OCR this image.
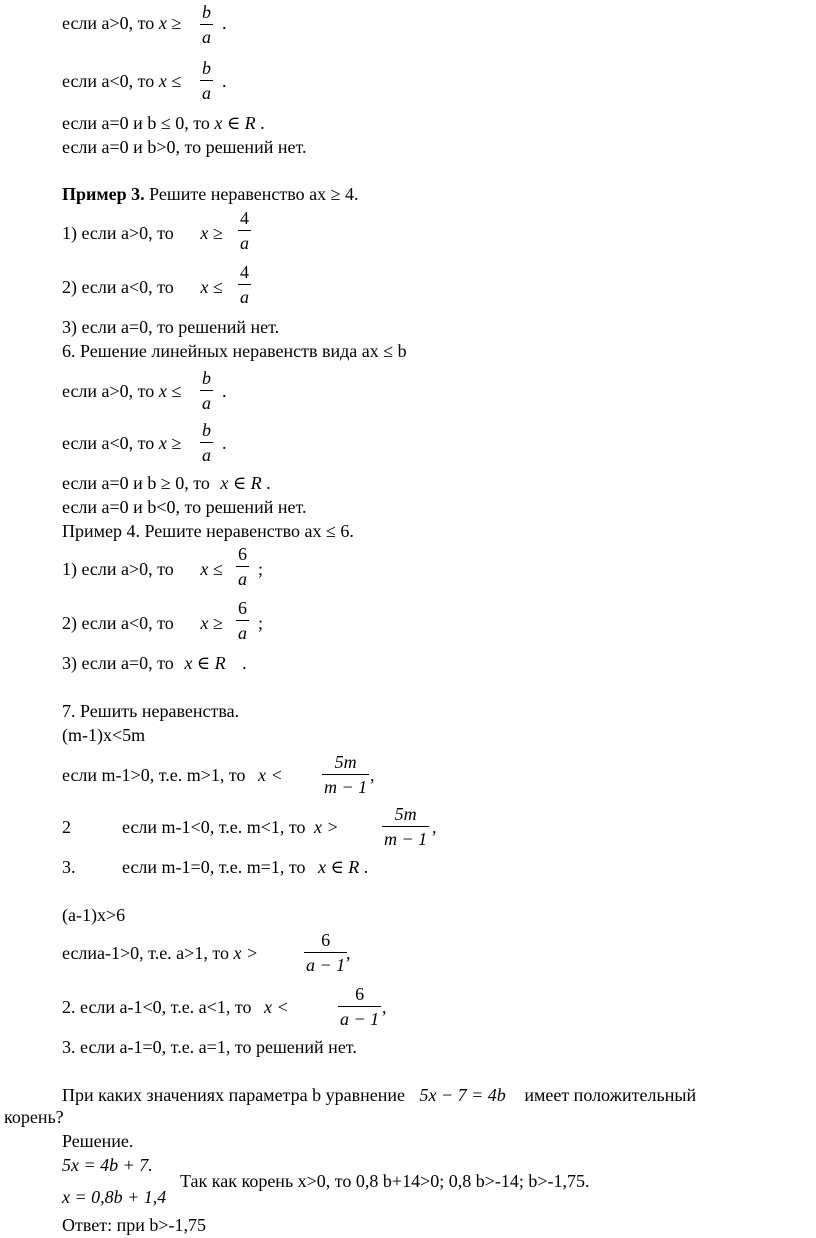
если a>0, то x ≥
b
a
.
если a<0, то x ≤
b
a
.
если a=0 и b ≤ 0, то x ∈ R .
если a=0 и b>0, то решений нет.
Пример 3. Решите неравенство ax ≥ 4.
1) если a>0, то x ≥
4
a
2) если a<0, то x ≤
4
a
3) если a=0, то решений нет.
6. Решение линейных неравенств вида ax ≤ b
если a>0, то x ≤
b
a
.
если a<0, то x ≥
b
a
.
если a=0 и b ≥ 0, то x ∈ R .
если a=0 и b<0, то решений нет.
Пример 4. Решите неравенство ax ≤ 6.
1) если a>0, то x ≤
6
a ;
2) если a<0, то x ≥
6
a ;
3) если a=0, то x ∈ R .
7. Решить неравенства.
(m-1)x<5m
если m-1>0, т.е. m>1, то x <
5m
m − 1
,
2	если m-1<0, т.е. m<1, то x >
5m
m − 1
,
3.	если m-1=0, т.е. m=1, то x ∈ R .
(a-1)x>6
еслиa-1>0, т.е. a>1, то x >
6
a − 1
,
2. если a-1<0, т.е. a<1, то x <
6
a − 1
,
3. если a-1=0, т.е. a=1, то решений нет.
При каких значениях параметра b уравнение 5x − 7 = 4b имеет положительный
корень?
Решение.
5x = 4b + 7.
x = 0,8b + 1,4
Так как корень x>0, то 0,8 b+14>0; 0,8 b>-14; b>-1,75.
Ответ: при b>-1,75
